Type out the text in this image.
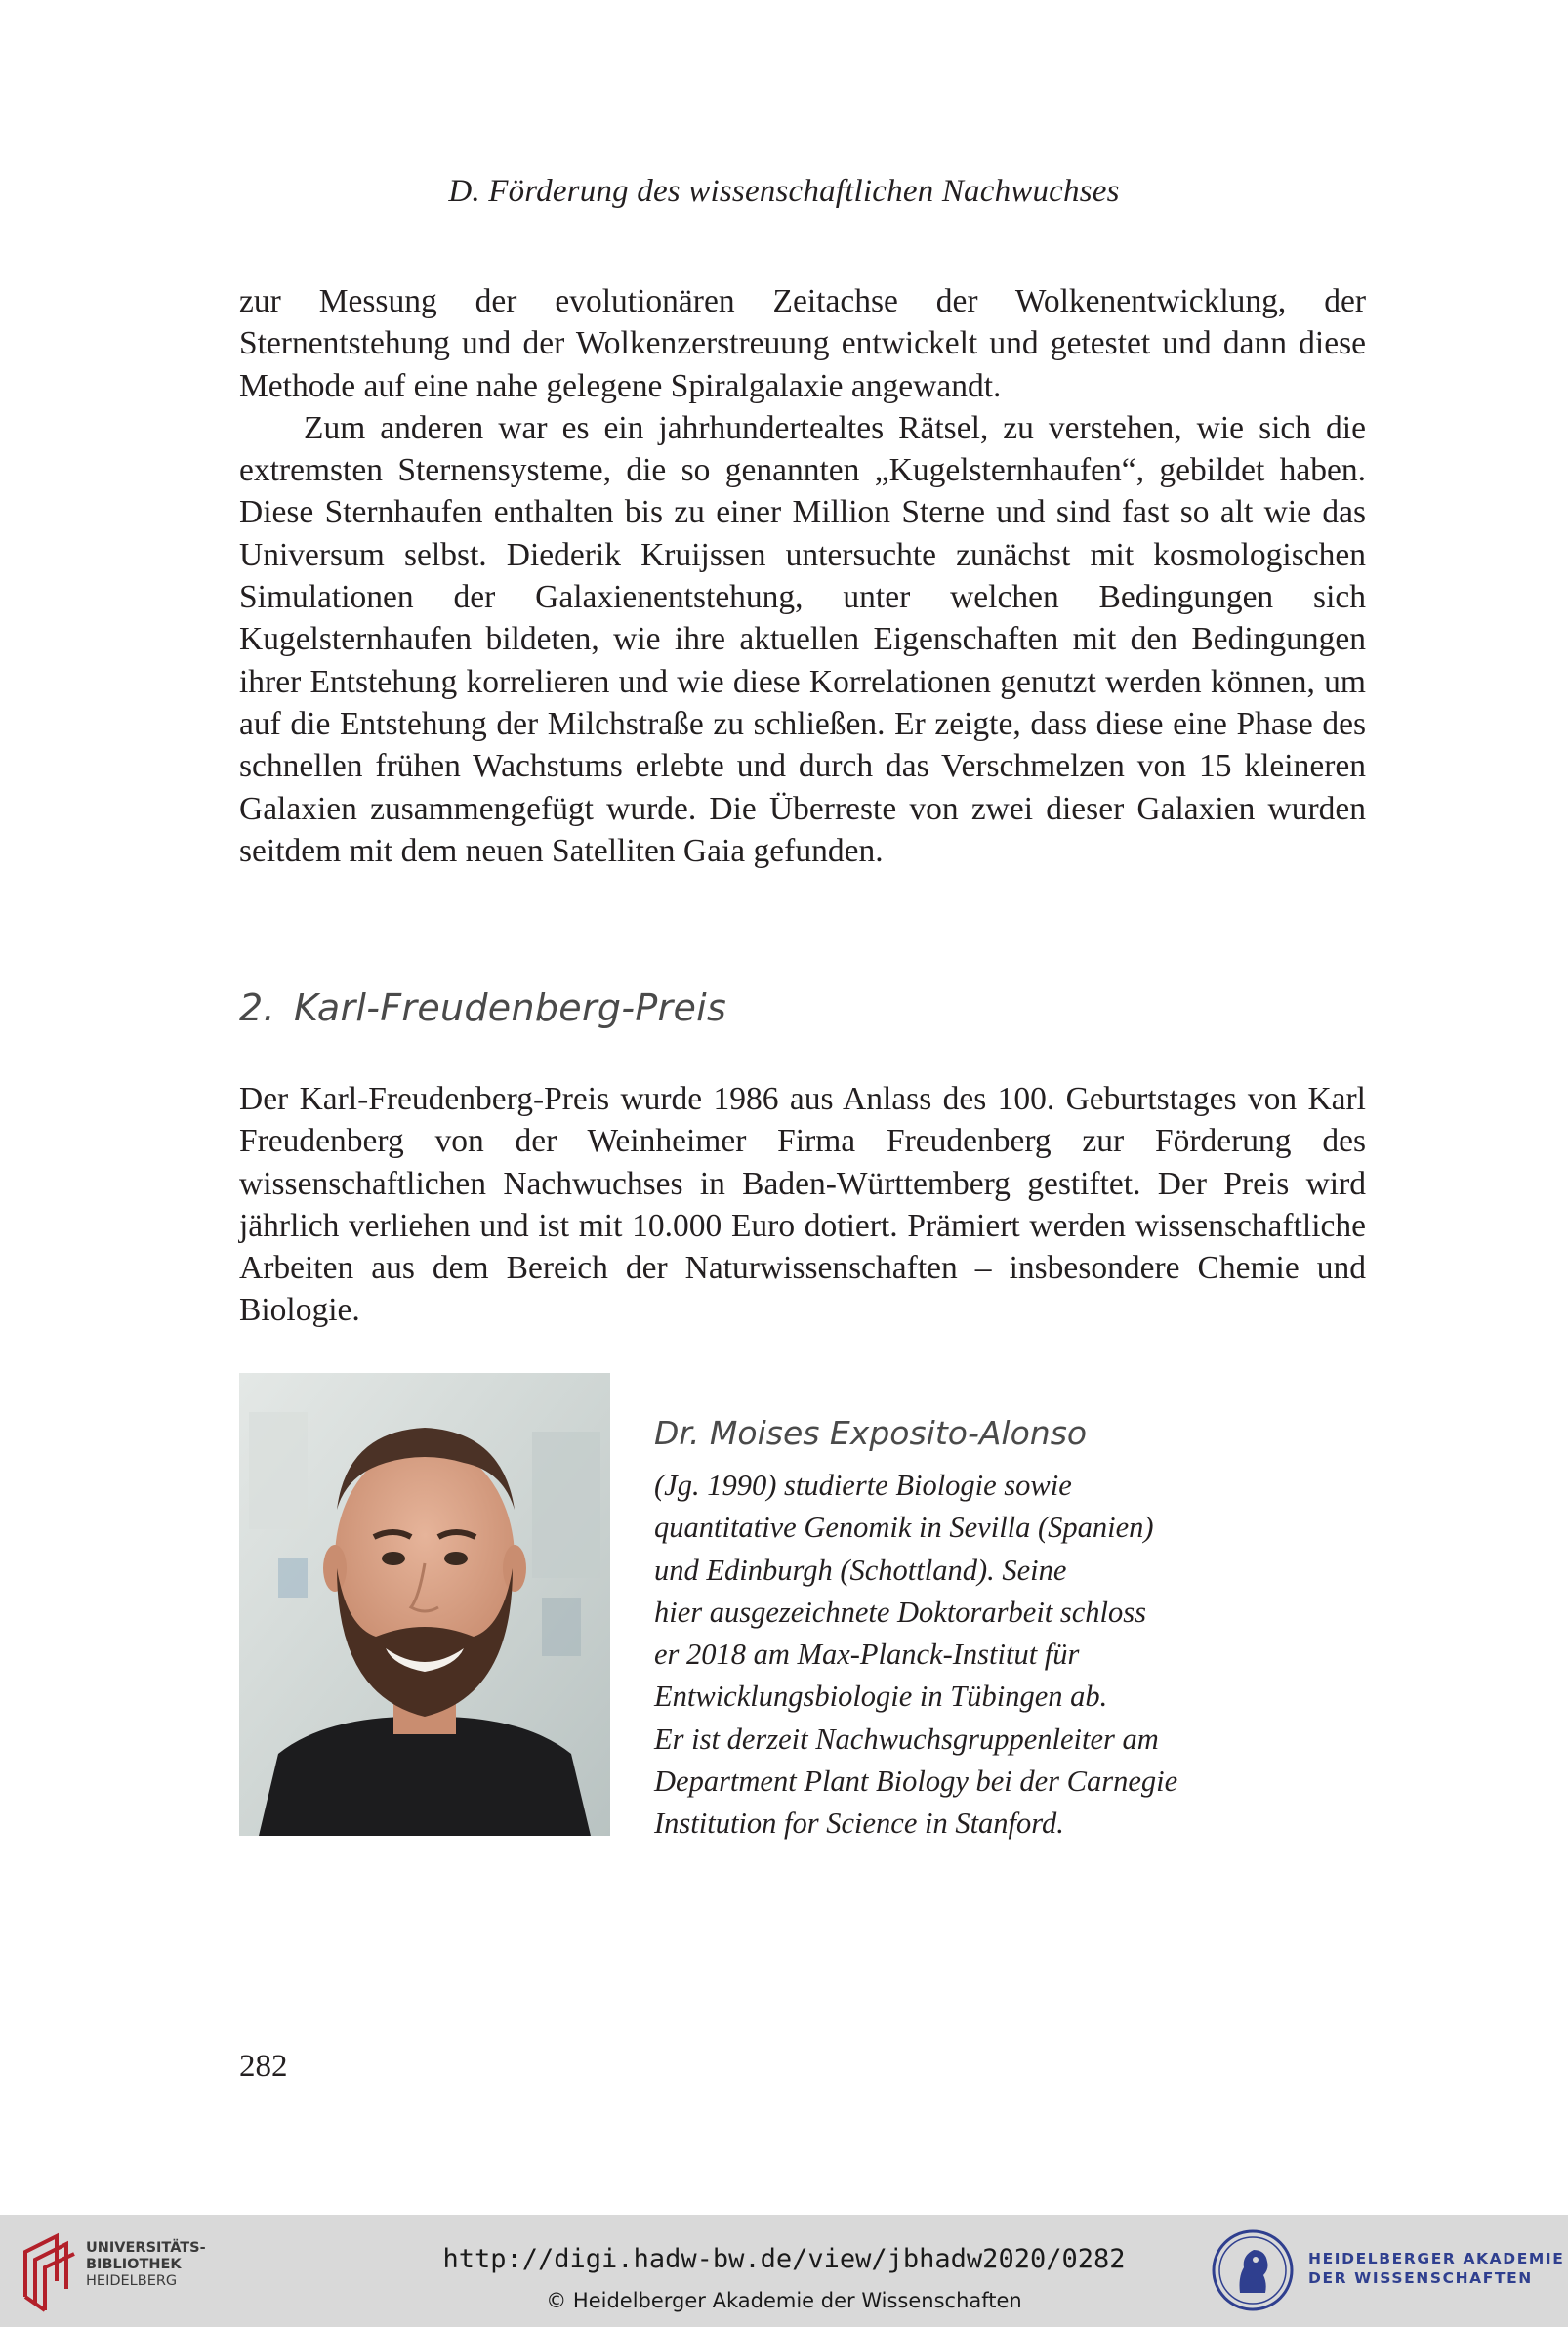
D. Förderung des wissenschaftlichen Nachwuchses

zur Messung der evolutionären Zeitachse der Wolkenentwicklung, der Sternentstehung und der Wolkenzerstreuung entwickelt und getestet und dann diese Methode auf eine nahe gelegene Spiralgalaxie angewandt.

Zum anderen war es ein jahrhundertealtes Rätsel, zu verstehen, wie sich die extremsten Sternensysteme, die so genannten „Kugelsternhaufen“, gebildet haben. Diese Sternhaufen enthalten bis zu einer Million Sterne und sind fast so alt wie das Universum selbst. Diederik Kruijssen untersuchte zunächst mit kosmologischen Simulationen der Galaxienentstehung, unter welchen Bedingungen sich Kugelsternhaufen bildeten, wie ihre aktuellen Eigenschaften mit den Bedingungen ihrer Entstehung korrelieren und wie diese Korrelationen genutzt werden können, um auf die Entstehung der Milchstraße zu schließen. Er zeigte, dass diese eine Phase des schnellen frühen Wachstums erlebte und durch das Verschmelzen von 15 kleineren Galaxien zusammengefügt wurde. Die Überreste von zwei dieser Galaxien wurden seitdem mit dem neuen Satelliten Gaia gefunden.

2. Karl-Freudenberg-Preis

Der Karl-Freudenberg-Preis wurde 1986 aus Anlass des 100. Geburtstages von Karl Freudenberg von der Weinheimer Firma Freudenberg zur Förderung des wissenschaftlichen Nachwuchses in Baden-Württemberg gestiftet. Der Preis wird jährlich verliehen und ist mit 10.000 Euro dotiert. Prämiert werden wissenschaftliche Arbeiten aus dem Bereich der Naturwissenschaften – insbesondere Chemie und Biologie.

Dr. Moises Exposito-Alonso
(Jg. 1990) studierte Biologie sowie
quantitative Genomik in Sevilla (Spanien)
und Edinburgh (Schottland). Seine
hier ausgezeichnete Doktorarbeit schloss
er 2018 am Max-Planck-Institut für
Entwicklungsbiologie in Tübingen ab.
Er ist derzeit Nachwuchsgruppenleiter am
Department Plant Biology bei der Carnegie
Institution for Science in Stanford.
282
UNIVERSITÄTS-
BIBLIOTHEK
HEIDELBERG
http://digi.hadw-bw.de/view/jbhadw2020/0282
© Heidelberger Akademie der Wissenschaften
HEIDELBERGER AKADEMIE
DER WISSENSCHAFTEN
